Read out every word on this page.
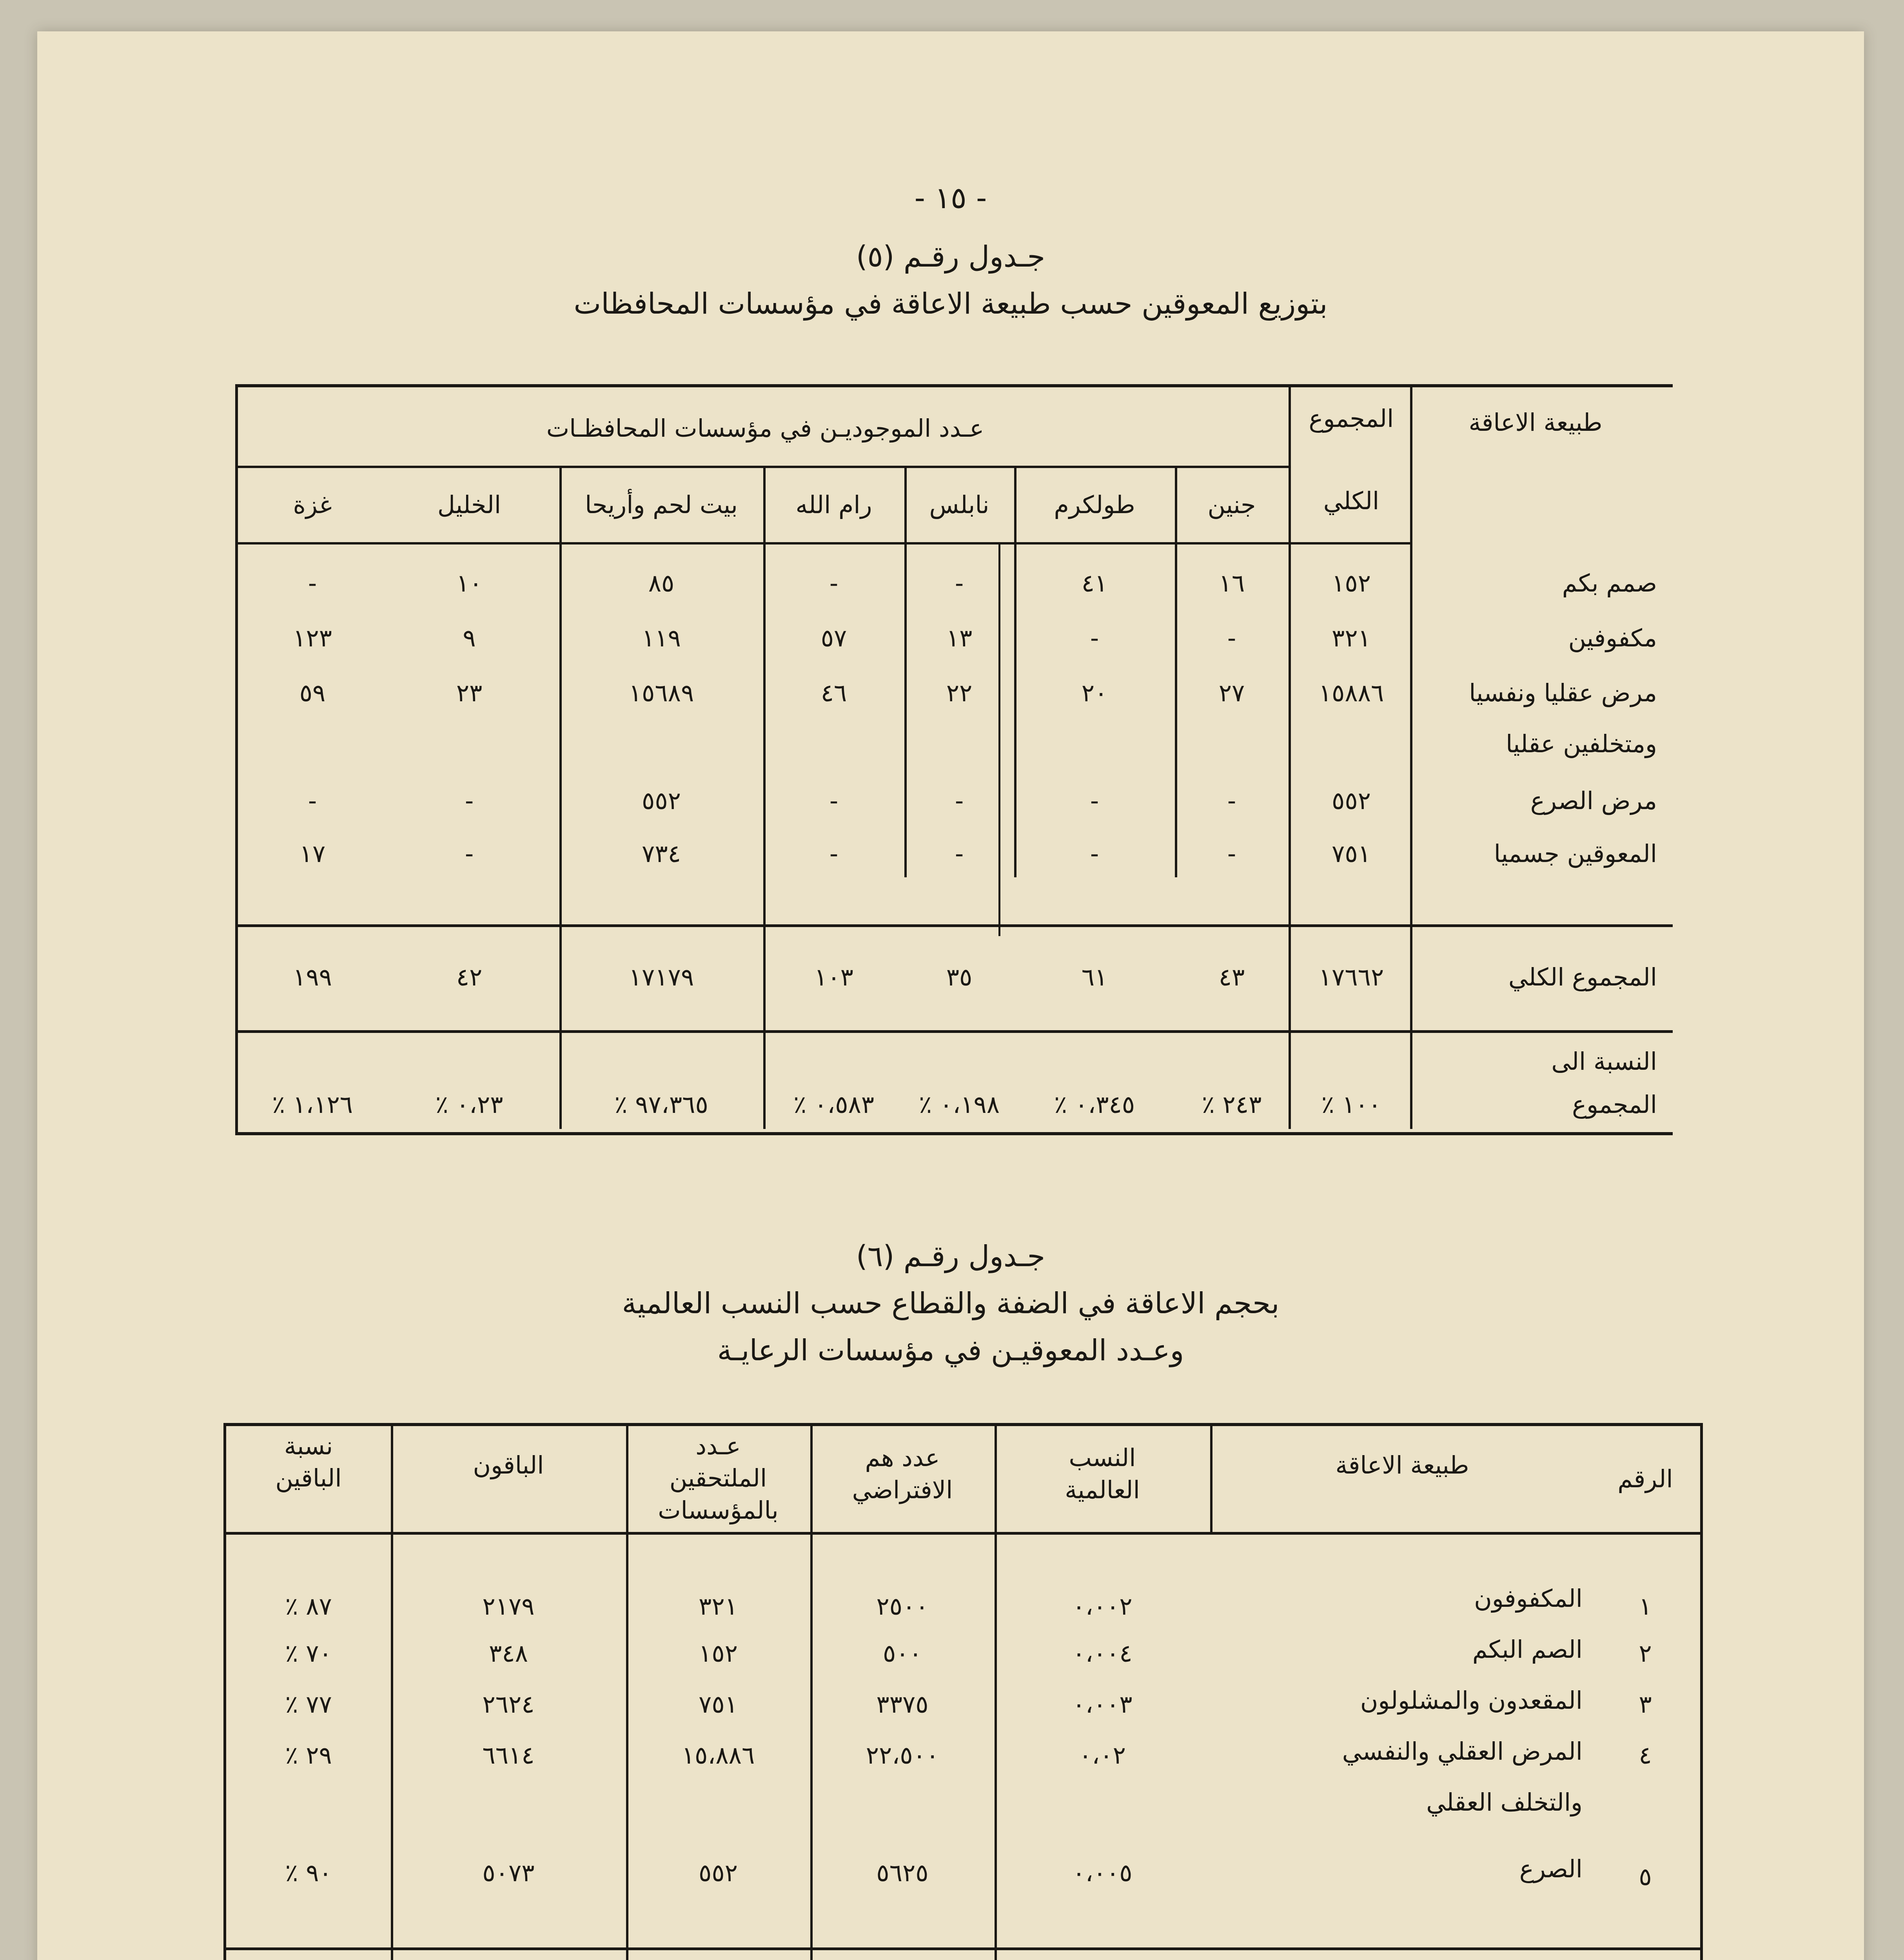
- ١٥ -
جـدول رقـم (٥)
بتوزيع المعوقين حسب طبيعة الاعاقة في مؤسسات المحافظات
طبيعة الاعاقة
المجموع
الكلي
عـدد الموجوديـن في مؤسسات المحافظـات
جنين
طولكرم
نابلس
رام الله
بيت لحم وأريحا
الخليل
غزة
صمم بكم
١٥٢
١٦
٤١
-
-
٨٥
١٠
-
مكفوفين
٣٢١
-
-
١٣
٥٧
١١٩
٩
١٢٣
مرض عقليا ونفسيا
ومتخلفين عقليا
١٥٨٨٦
٢٧
٢٠
٢٢
٤٦
١٥٦٨٩
٢٣
٥٩
مرض الصرع
٥٥٢
-
-
-
-
٥٥٢
-
-
المعوقين جسميا
٧٥١
-
-
-
-
٧٣٤
-
١٧
المجموع الكلي
١٧٦٦٢
٤٣
٦١
٣٥
١٠٣
١٧١٧٩
٤٢
١٩٩
النسبة الى
المجموع
١٠٠ ٪
٢٤٣ ٪
٠،٣٤٥ ٪
٠،١٩٨ ٪
٠،٥٨٣ ٪
٩٧،٣٦٥ ٪
٠،٢٣ ٪
١،١٢٦ ٪
جـدول رقـم (٦)
بحجم الاعاقة في الضفة والقطاع حسب النسب العالمية
وعـدد المعوقيـن في مؤسسات الرعايـة
الرقم
طبيعة الاعاقة
النسب
العالمية
عدد هم
الافتراضي
عـدد
الملتحقين
بالمؤسسات
الباقون
نسبة
الباقين
١
المكفوفون
٠،٠٠٢
٢٥٠٠
٣٢١
٢١٧٩
٨٧ ٪
٢
الصم البكم
٠،٠٠٤
٥٠٠
١٥٢
٣٤٨
٧٠ ٪
٣
المقعدون والمشلولون
٠،٠٠٣
٣٣٧٥
٧٥١
٢٦٢٤
٧٧ ٪
٤
المرض العقلي والنفسي
والتخلف العقلي
٠،٠٢
٢٢،٥٠٠
١٥،٨٨٦
٦٦١٤
٢٩ ٪
٥
الصرع
٠،٠٠٥
٥٦٢٥
٥٥٢
٥٠٧٣
٩٠ ٪
